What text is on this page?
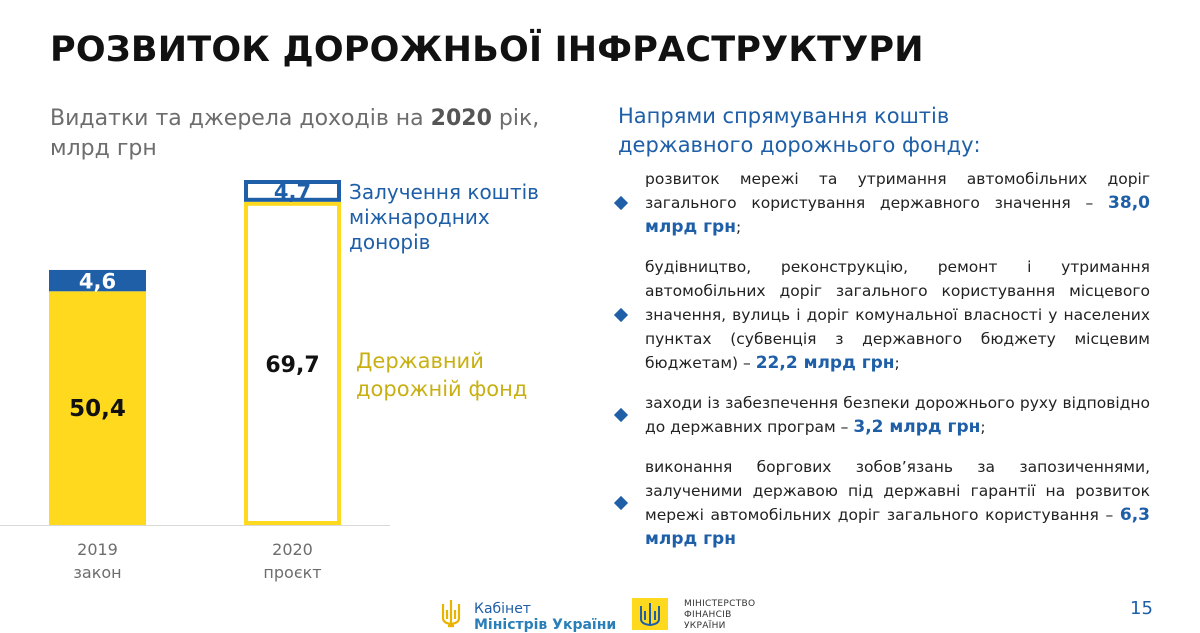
РОЗВИТОК ДОРОЖНЬОЇ ІНФРАСТРУКТУРИ
Видатки та джерела доходів на 2020 рік, млрд грн
50,4
4,6
69,7
4,7
2019
закон
2020
проєкт
Залучення коштів
міжнародних
донорів
Державний
дорожній фонд
Напрями спрямування коштів державного дорожнього фонду:
розвиток мережі та утримання автомобільних доріг загального користування державного значення – 38,0 млрд грн;
будівництво, реконструкцію, ремонт і утримання автомобільних доріг загального користування місцевого значення, вулиць і доріг комунальної власності у населених пунктах (субвенція з державного бюджету місцевим бюджетам) – 22,2 млрд грн;
заходи із забезпечення безпеки дорожнього руху відповідно до державних програм – 3,2 млрд грн;
виконання боргових зобов’язань за запозиченнями, залученими державою під державні гарантії на розвиток мережі автомобільних доріг загального користування – 6,3 млрд грн
Кабінет
Міністрів України
МІНІСТЕРСТВО
ФІНАНСІВ
УКРАЇНИ
15
